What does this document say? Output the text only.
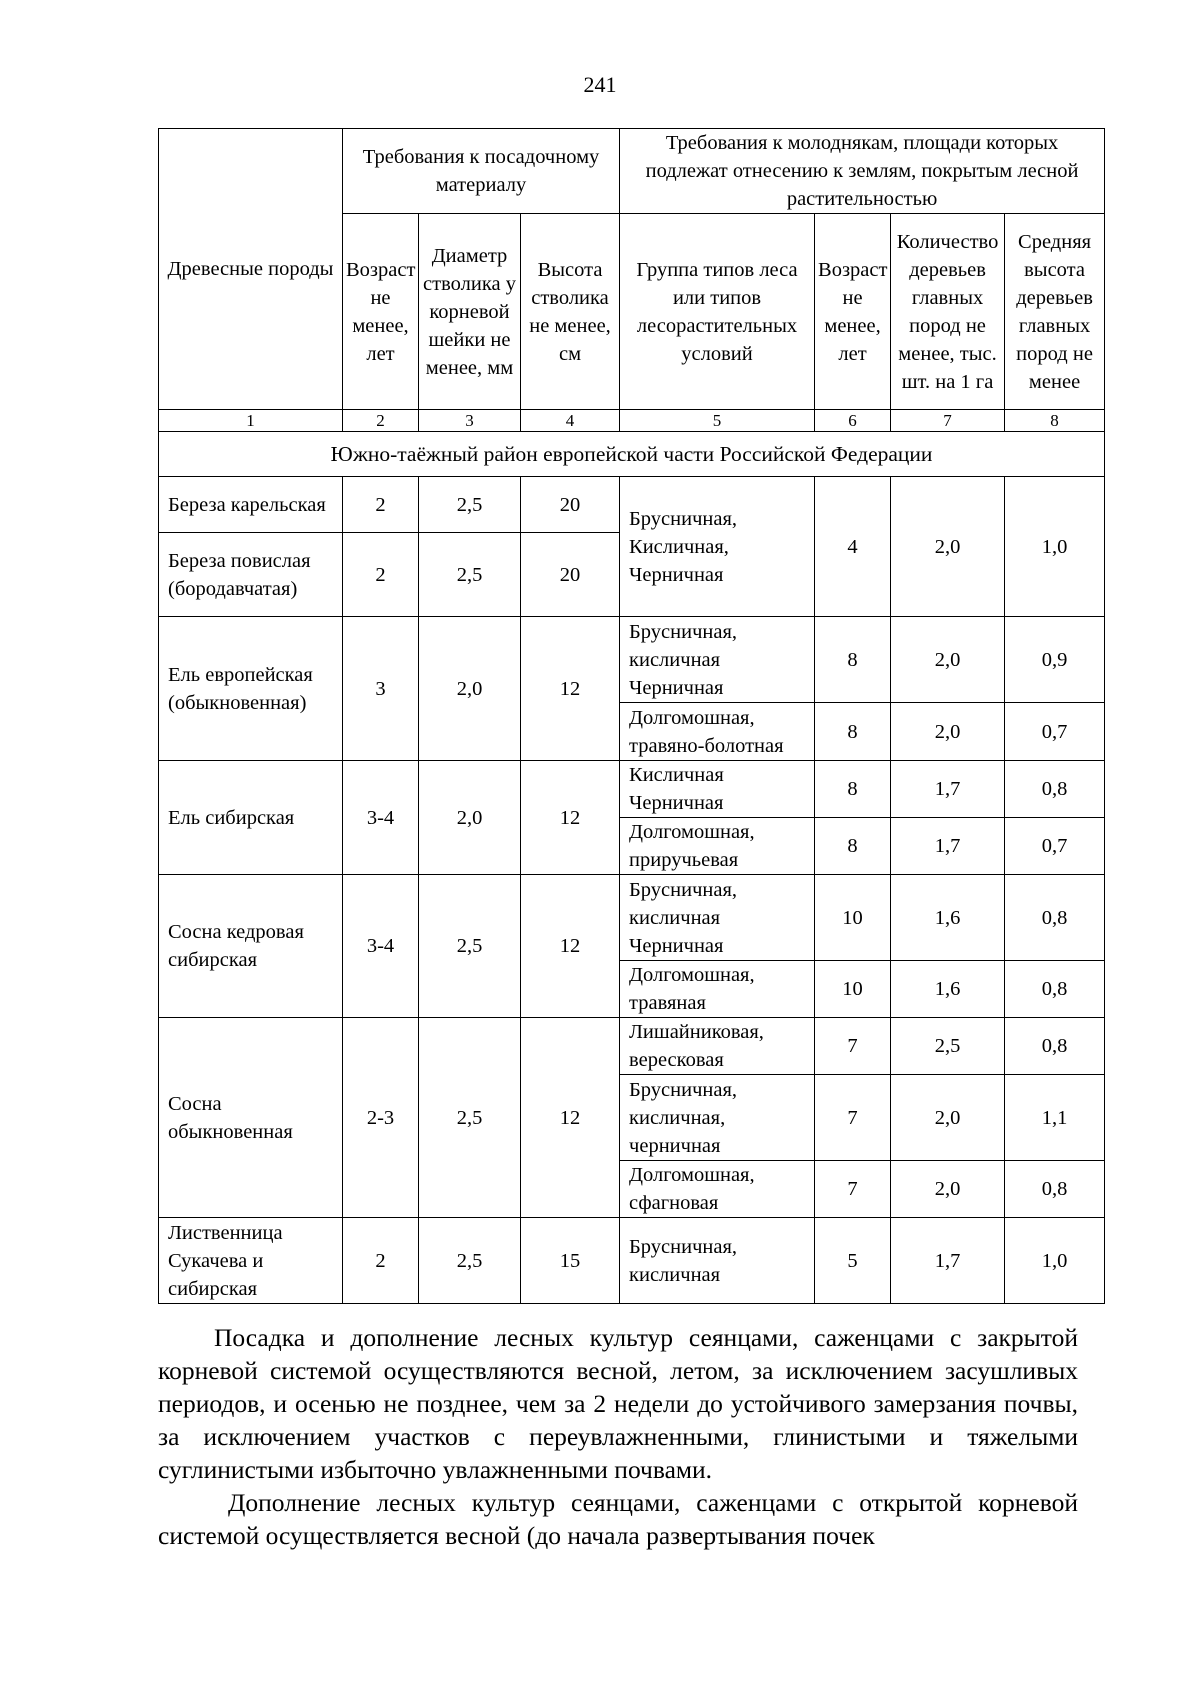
241
Древесные породы	Требования к посадочному материалу			Требования к молоднякам, площади которых подлежат отнесению к землям, покрытым лесной растительностью			
	Возраст не менее, лет	Диаметр стволика у корневой шейки не менее, мм	Высота стволика не менее, см	Группа типов леса или типов лесорастительных условий	Возраст не менее, лет	Количество деревьев главных пород не менее, тыс. шт. на 1 га	Средняя высота деревьев главных пород не менее
1	2	3	4	5	6	7	8
Южно-таёжный район европейской части Российской Федерации							
Береза карельская	2	2,5	20	Брусничная, Кисличная, Черничная	4	2,0	1,0
Береза повислая (бородавчатая)	2	2,5	20				
Ель европейская (обыкновенная)	3	2,0	12	Брусничная, кисличная Черничная	8	2,0	0,9
				Долгомошная, травяно-болотная	8	2,0	0,7
Ель сибирская	3-4	2,0	12	Кисличная Черничная	8	1,7	0,8
				Долгомошная, приручьевая	8	1,7	0,7
Сосна кедровая сибирская	3-4	2,5	12	Брусничная, кисличная Черничная	10	1,6	0,8
				Долгомошная, травяная	10	1,6	0,8
Сосна обыкновенная	2-3	2,5	12	Лишайниковая, вересковая	7	2,5	0,8
				Брусничная, кисличная, черничная	7	2,0	1,1
				Долгомошная, сфагновая	7	2,0	0,8
Лиственница Сукачева и сибирская	2	2,5	15	Брусничная, кисличная	5	1,7	1,0

Посадка и дополнение лесных культур сеянцами, саженцами с закрытой корневой системой осуществляются весной, летом, за исключением засушливых периодов, и осенью не позднее, чем за 2 недели до устойчивого замерзания почвы, за исключением участков с переувлажненными, глинистыми и тяжелыми суглинистыми избыточно увлажненными почвами.

Дополнение лесных культур сеянцами, саженцами с открытой корневой системой осуществляется весной (до начала развертывания почек
